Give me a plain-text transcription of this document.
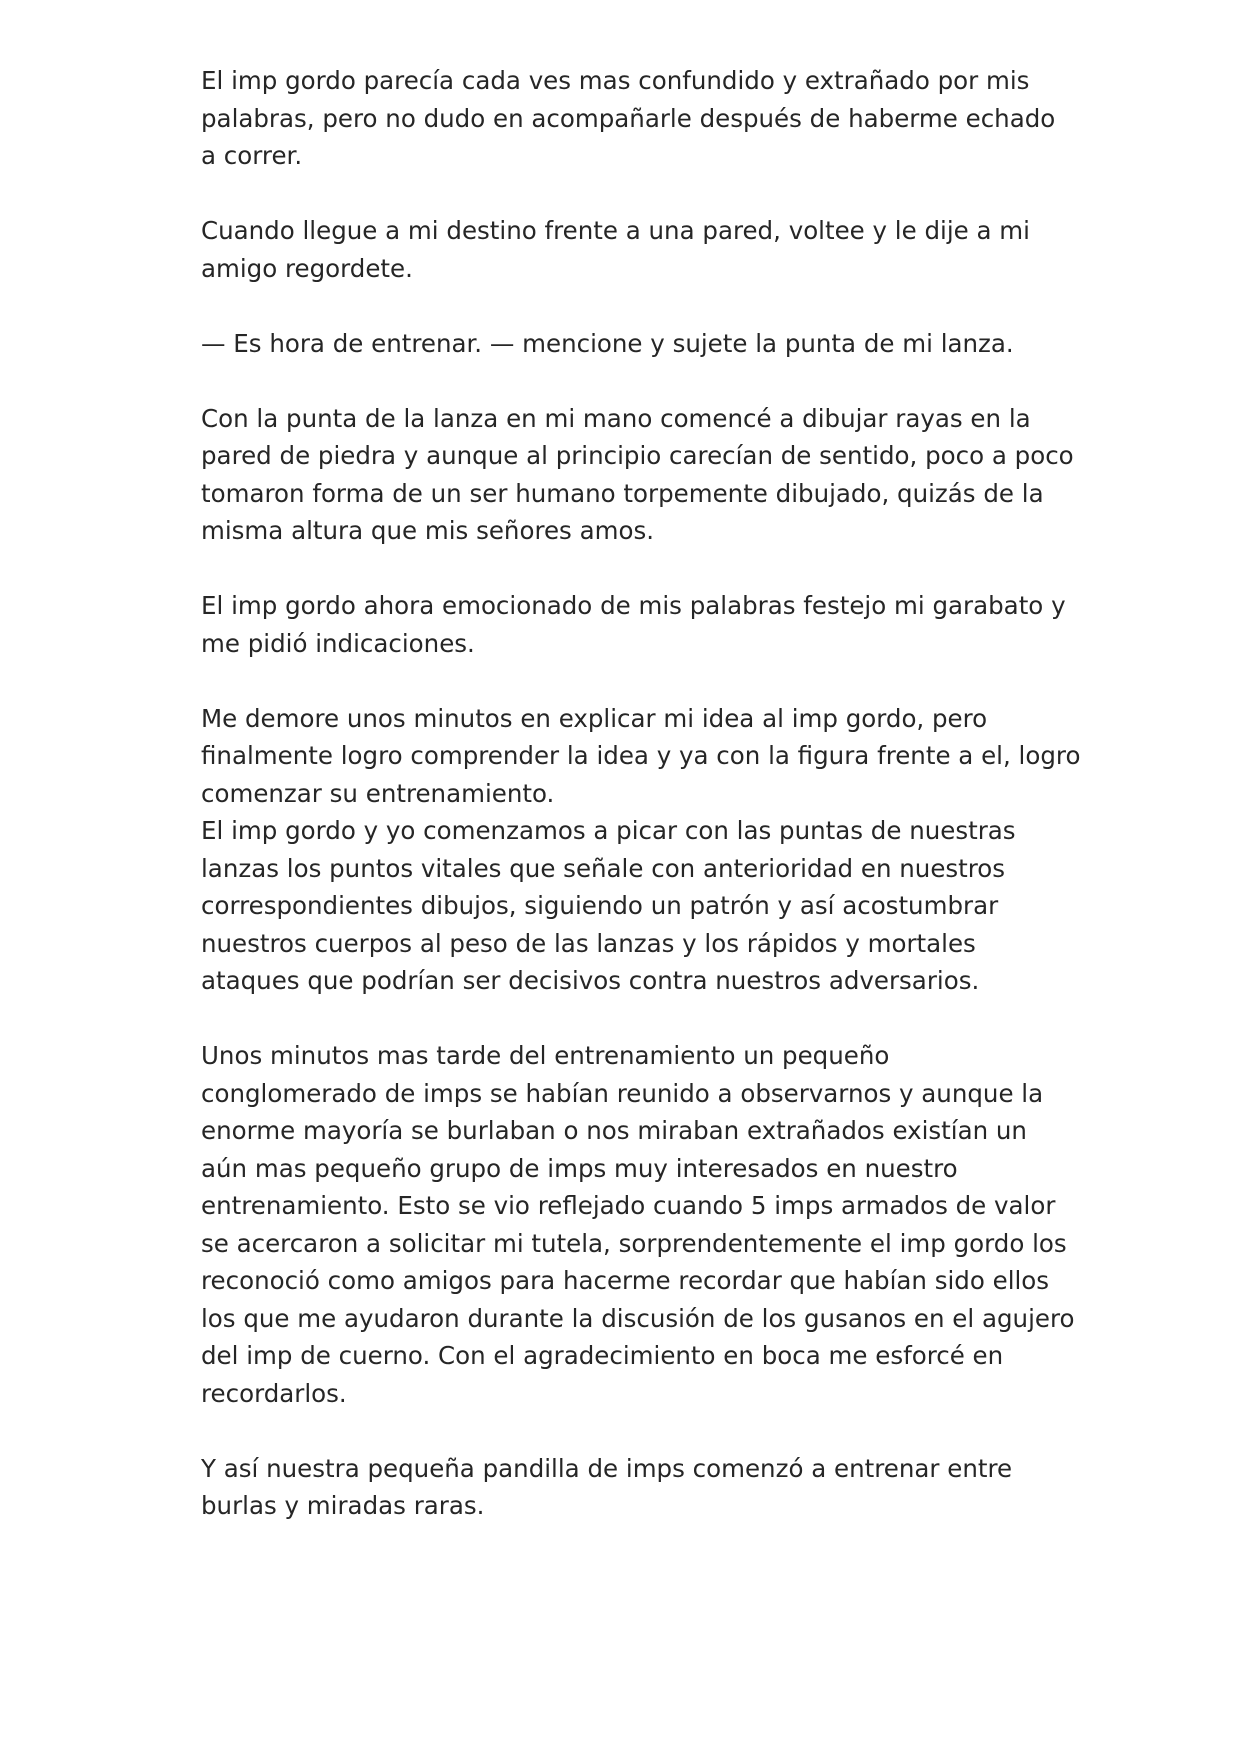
El imp gordo parecía cada ves mas confundido y extrañado por mis
palabras, pero no dudo en acompañarle después de haberme echado
a correr.
Cuando llegue a mi destino frente a una pared, voltee y le dije a mi
amigo regordete.
— Es hora de entrenar. — mencione y sujete la punta de mi lanza.
Con la punta de la lanza en mi mano comencé a dibujar rayas en la
pared de piedra y aunque al principio carecían de sentido, poco a poco
tomaron forma de un ser humano torpemente dibujado, quizás de la
misma altura que mis señores amos.
El imp gordo ahora emocionado de mis palabras festejo mi garabato y
me pidió indicaciones.
Me demore unos minutos en explicar mi idea al imp gordo, pero
finalmente logro comprender la idea y ya con la figura frente a el, logro
comenzar su entrenamiento.
El imp gordo y yo comenzamos a picar con las puntas de nuestras
lanzas los puntos vitales que señale con anterioridad en nuestros
correspondientes dibujos, siguiendo un patrón y así acostumbrar
nuestros cuerpos al peso de las lanzas y los rápidos y mortales
ataques que podrían ser decisivos contra nuestros adversarios.
Unos minutos mas tarde del entrenamiento un pequeño
conglomerado de imps se habían reunido a observarnos y aunque la
enorme mayoría se burlaban o nos miraban extrañados existían un
aún mas pequeño grupo de imps muy interesados en nuestro
entrenamiento. Esto se vio reflejado cuando 5 imps armados de valor
se acercaron a solicitar mi tutela, sorprendentemente el imp gordo los
reconoció como amigos para hacerme recordar que habían sido ellos
los que me ayudaron durante la discusión de los gusanos en el agujero
del imp de cuerno. Con el agradecimiento en boca me esforcé en
recordarlos.
Y así nuestra pequeña pandilla de imps comenzó a entrenar entre
burlas y miradas raras.
